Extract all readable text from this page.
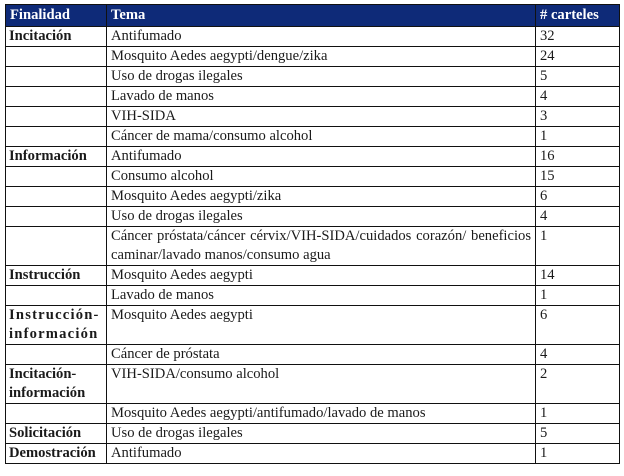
Finalidad	Tema	# carteles
Incitación	Antifumado	32
	Mosquito Aedes aegypti/dengue/zika	24
	Uso de drogas ilegales	5
	Lavado de manos	4
	VIH-SIDA	3
	Cáncer de mama/consumo alcohol	1
Información	Antifumado	16
	Consumo alcohol	15
	Mosquito Aedes aegypti/zika	6
	Uso de drogas ilegales	4
	Cáncer próstata/cáncer cérvix/VIH-SIDA/cuidados corazón/ beneficios caminar/lavado manos/consumo agua	1
Instrucción	Mosquito Aedes aegypti	14
	Lavado de manos	1
Instrucción-información	Mosquito Aedes aegypti	6
	Cáncer de próstata	4
Incitación-información	VIH-SIDA/consumo alcohol	2
	Mosquito Aedes aegypti/antifumado/lavado de manos	1
Solicitación	Uso de drogas ilegales	5
Demostración	Antifumado	1
